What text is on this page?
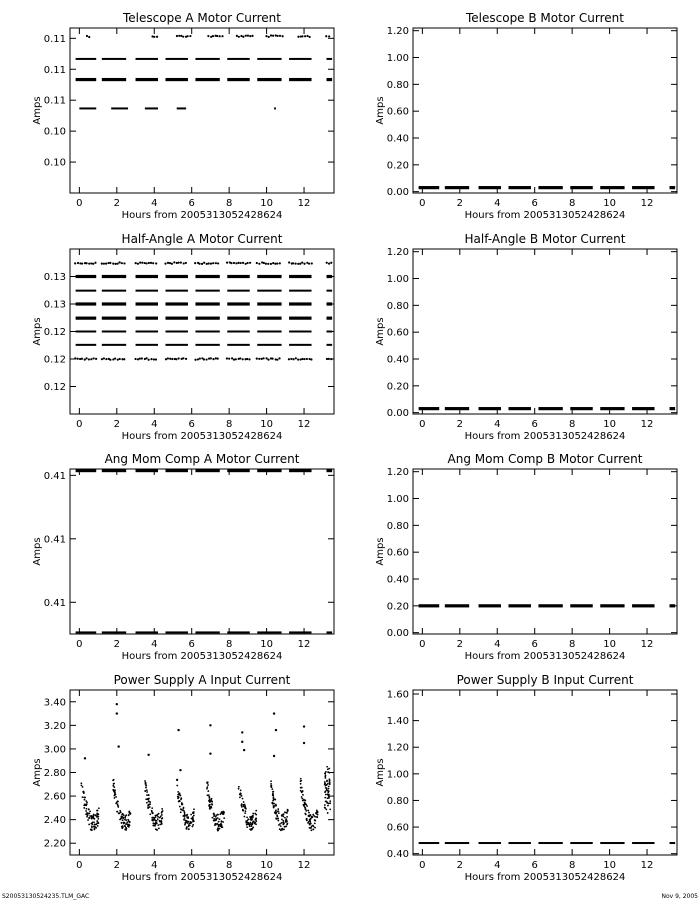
S20053130524235.TLM_GAC	Nov 9, 2005
Telescope A Motor Current
Hours from 20053130524286​24
Amps
0	2	4	6	8	10 12
0.10
0.10
0.11
0.11
0.11
Telescope B Motor Current
Hours from 20053130524286​24
Amps
0	2	4	6	8	10 12
0.00
0.20
0.40
0.60
0.80
1.00
1.20
Half-Angle A Motor Current
Hours from 20053130524286​24
Amps
0	2	4	6	8	10 12
0.12
0.12
0.12
0.13
0.13
Half-Angle B Motor Current
Hours from 20053130524286​24
Amps
0	2	4	6	8	10 12
0.00
0.20
0.40
0.60
0.80
1.00
1.20
Ang Mom Comp A Motor Current
Hours from 20053130524286​24
Amps
0	2	4	6	8	10 12
0.41
0.41
0.41
Ang Mom Comp B Motor Current
Hours from 20053130524286​24
Amps
0	2	4	6	8	10 12
0.00
0.20
0.40
0.60
0.80
1.00
1.20
Power Supply A Input Current
Hours from 20053130524286​24
Amps
0	2	4	6	8	10 12
2.20
2.40
2.60
2.80
3.00
3.20
3.40
Power Supply B Input Current
Hours from 20053130524286​24
Amps
0	2	4	6	8	10 12
0.40
0.60
0.80
1.00
1.20
1.40
1.60
